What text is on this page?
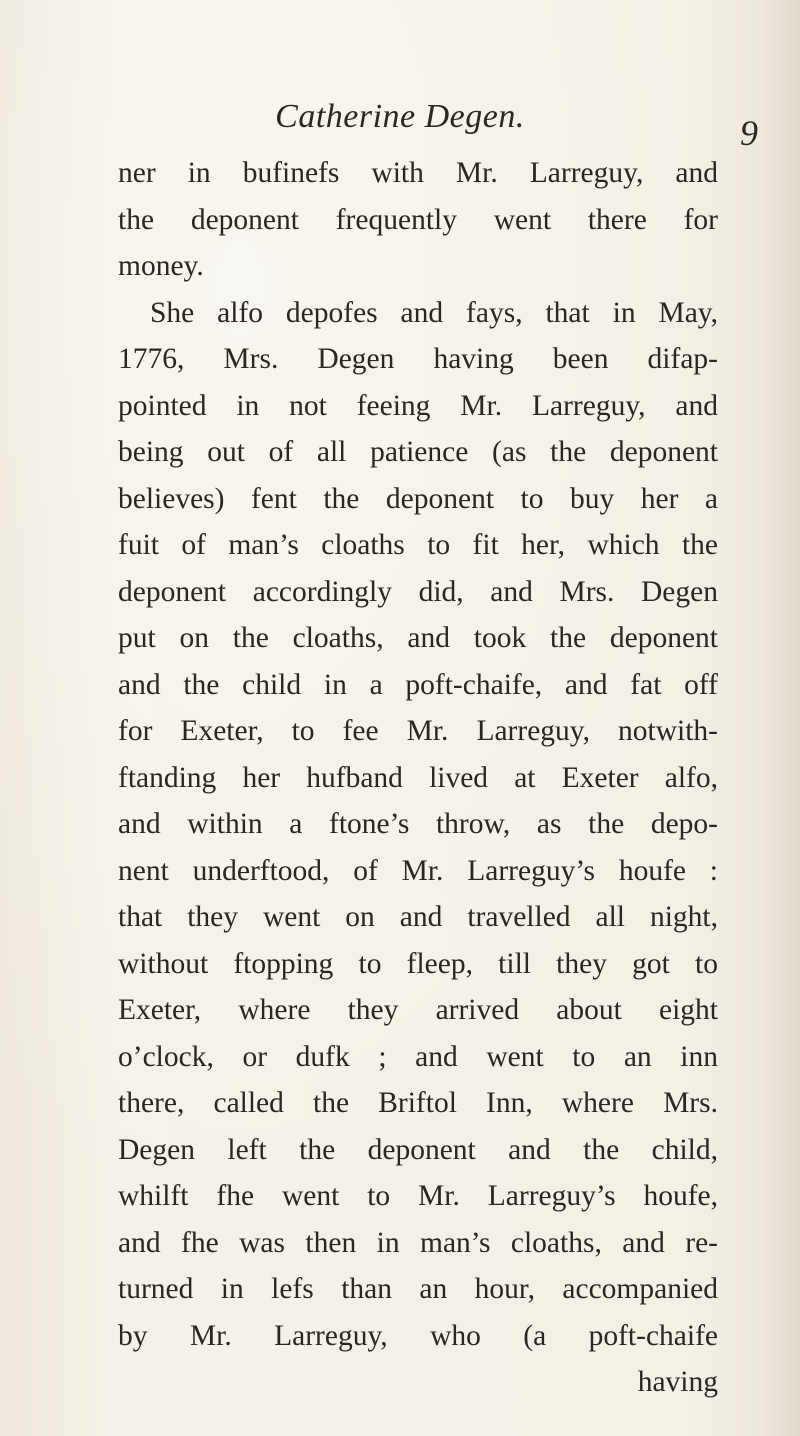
Catherine Degen.	9
ner in bufinefs with Mr. Larreguy, and
the deponent frequently went there for
money.
She alfo depofes and fays, that in May,
1776, Mrs. Degen having been difap-
pointed in not feeing Mr. Larreguy, and
being out of all patience (as the deponent
believes) fent the deponent to buy her a
fuit of man’s cloaths to fit her, which the
deponent accordingly did, and Mrs. Degen
put on the cloaths, and took the deponent
and the child in a poft-chaife, and fat off
for Exeter, to fee Mr. Larreguy, notwith-
ftanding her hufband lived at Exeter alfo,
and within a ftone’s throw, as the depo-
nent underftood, of Mr. Larreguy’s houfe :
that they went on and travelled all night,
without ftopping to fleep, till they got to
Exeter, where they arrived about eight
o’clock, or dufk ; and went to an inn
there, called the Briftol Inn, where Mrs.
Degen left the deponent and the child,
whilft fhe went to Mr. Larreguy’s houfe,
and fhe was then in man’s cloaths, and re-
turned in lefs than an hour, accompanied
by Mr. Larreguy, who (a poft-chaife
having
